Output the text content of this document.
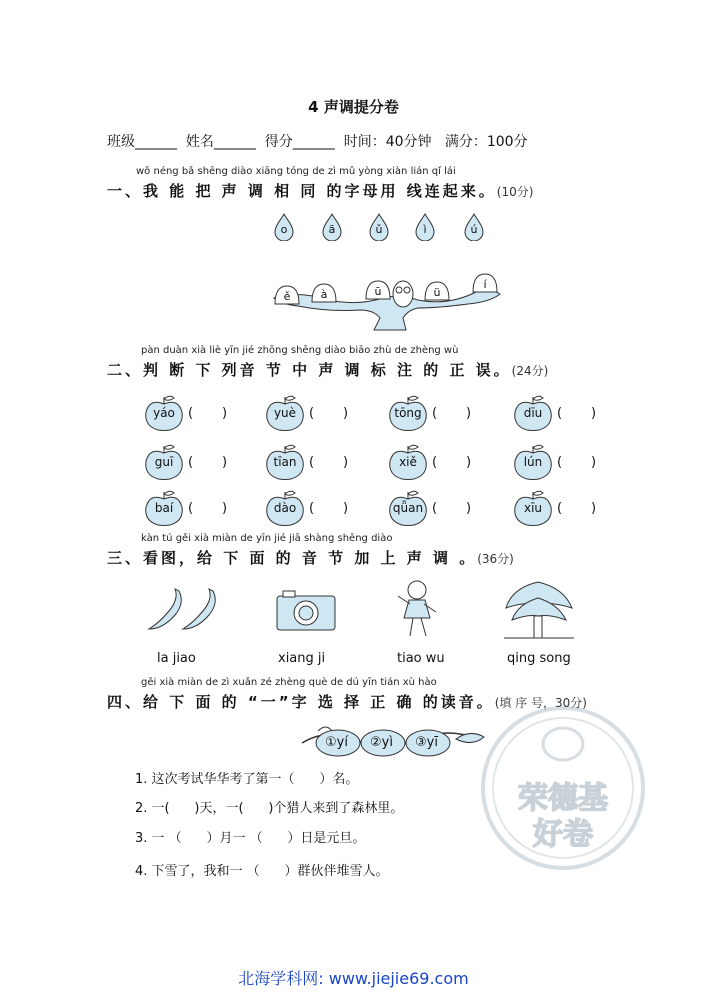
4 声调提分卷
班级______  姓名______  得分______  时间：40分钟   满分：100分
wǒ néng bǎ shēng diào xiāng tóng de zì mǔ yòng xiàn lián qǐ lái
一、我 能 把 声 调 相 同 的字母用 线连起来。(10分)
o	ā	ǔ	ì	ú
ě	à	ū	ü
í
pàn duàn xià liè yīn jié zhōng shēng diào biāo zhù de zhèng wù
二、判 断 下 列音 节 中 声 调 标 注 的 正 误。(24分)
yáo	(       )	yuè (       )	tōng (       )	dīu	(       )
guī	(       )	tīan (       )	xiě	(       )	lún	(       )
baí	(       )	dào (       )	qǖan (       )	xīu	(       )
kàn tú gěi xià miàn de yīn jié jiā shàng shēng diào
三、看图，给 下 面 的 音 节 加 上 声 调 。(36分)
la jiao	xiang ji	tiao wu	qing song
荣德基
好卷
gěi xià miàn de zì xuǎn zé zhèng què de dú yīn tián xù hào
四、给 下 面 的 “一”字 选 择 正 确 的读音。(填 序 号，30分)
①yí ②yì ③yī
1. 这次考试华华考了第一（      ）名。
2. 一(      )天，一(      )个猎人来到了森林里。
3. 一 （      ）月一 （      ）日是元旦。
4. 下雪了，我和一 （      ）群伙伴堆雪人。
北海学科网: www.jiejie69.com
